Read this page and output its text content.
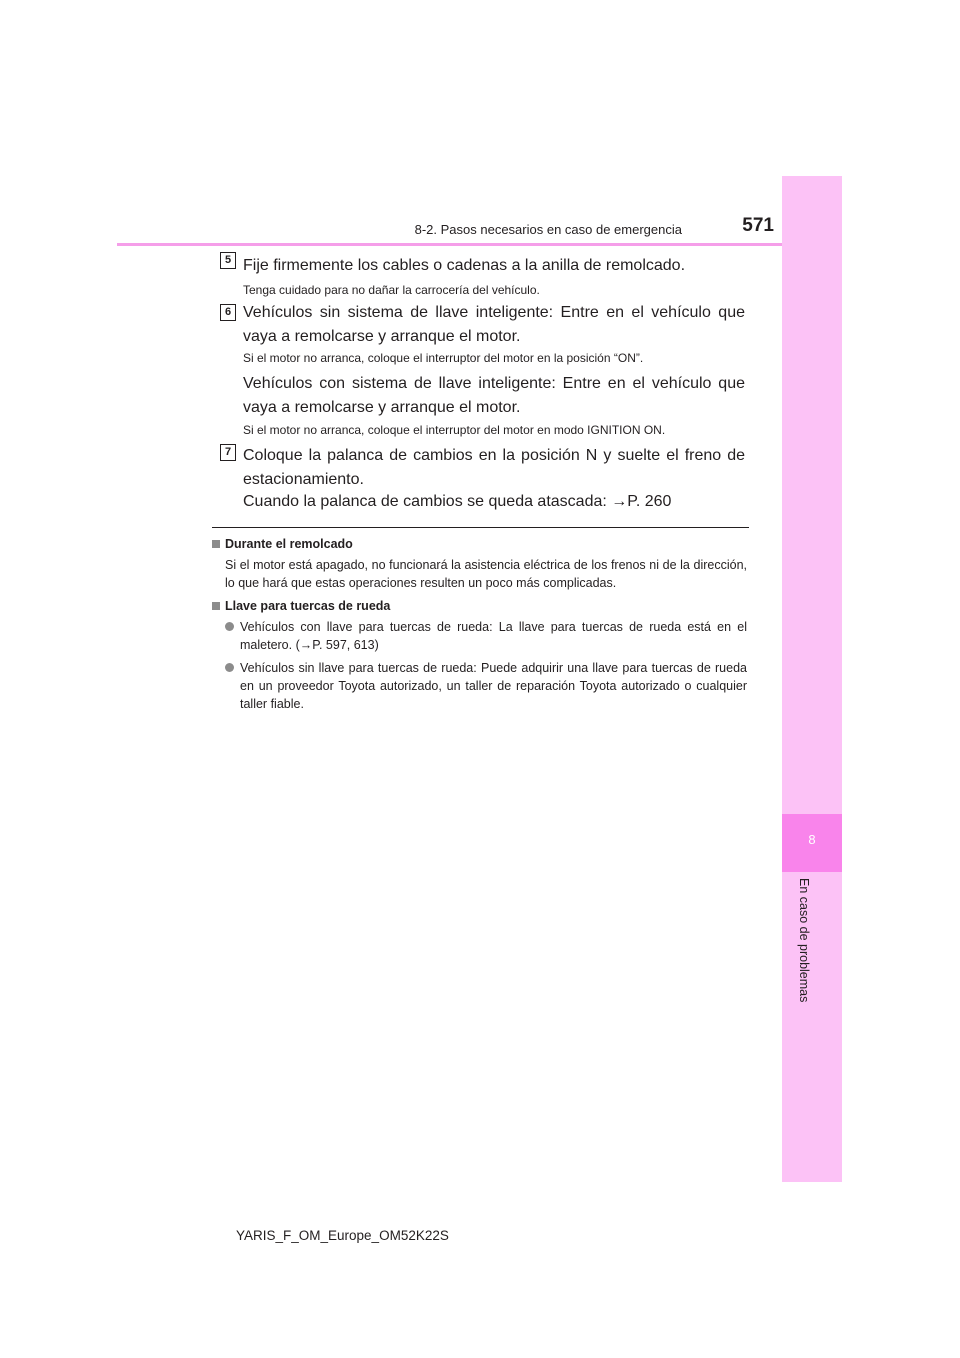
8-2. Pasos necesarios en caso de emergencia	571
8
En caso de problemas
5 Fije firmemente los cables o cadenas a la anilla de remolcado.
Tenga cuidado para no dañar la carrocería del vehículo.
6 Vehículos sin sistema de llave inteligente: Entre en el vehículo que vaya a remolcarse y arranque el motor.
Si el motor no arranca, coloque el interruptor del motor en la posición “ON”.
Vehículos con sistema de llave inteligente: Entre en el vehículo que vaya a remolcarse y arranque el motor.
Si el motor no arranca, coloque el interruptor del motor en modo IGNITION ON.
7 Coloque la palanca de cambios en la posición N y suelte el freno de estacionamiento.
Cuando la palanca de cambios se queda atascada: →P. 260
Durante el remolcado
Si el motor está apagado, no funcionará la asistencia eléctrica de los frenos ni de la dirección, lo que hará que estas operaciones resulten un poco más complicadas.
Llave para tuercas de rueda
Vehículos con llave para tuercas de rueda: La llave para tuercas de rueda está en el maletero. (→P. 597, 613)
Vehículos sin llave para tuercas de rueda: Puede adquirir una llave para tuercas de rueda en un proveedor Toyota autorizado, un taller de reparación Toyota autorizado o cualquier taller fiable.
YARIS_F_OM_Europe_OM52K22S
